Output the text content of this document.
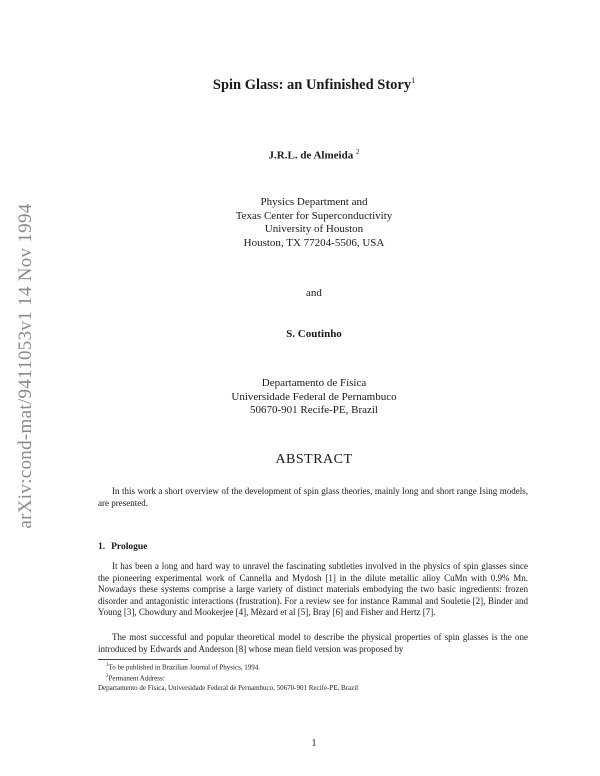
arXiv:cond-mat/9411053v1 14 Nov 1994
Spin Glass: an Unfinished Story$^1$
J.R.L. de Almeida $^2$
Physics Department and
Texas Center for Superconductivity
University of Houston
Houston, TX 77204-5506, USA
and
S. Coutinho
Departamento de Física
Universidade Federal de Pernambuco
50670-901 Recife-PE, Brazil
ABSTRACT

In this work a short overview of the development of spin glass theories, mainly long and short range Ising models, are presented.

1. Prologue

It has been a long and hard way to unravel the fascinating subtleties involved in the physics of spin glasses since the pioneering experimental work of Cannella and Mydosh [1] in the dilute metallic alloy CuMn with 0.9% Mn. Nowadays these systems comprise a large variety of distinct materials embodying the two basic ingredients: frozen disorder and antagonistic interactions (frustration). For a review see for instance Rammal and Souletie [2], Binder and Young [3], Chowdury and Mookerjee [4], Mèzard et al [5], Bray [6] and Fisher and Hertz [7].

The most successful and popular theoretical model to describe the physical properties of spin glasses is the one introduced by Edwards and Anderson [8] whose mean field version was proposed by

$^1$To be published in Brazilian Journal of Physics, 1994.
$^2$Permanent Address:
Departamento de Física, Universidade Federal de Pernambuco, 50670-901 Recife-PE, Brazil
1
